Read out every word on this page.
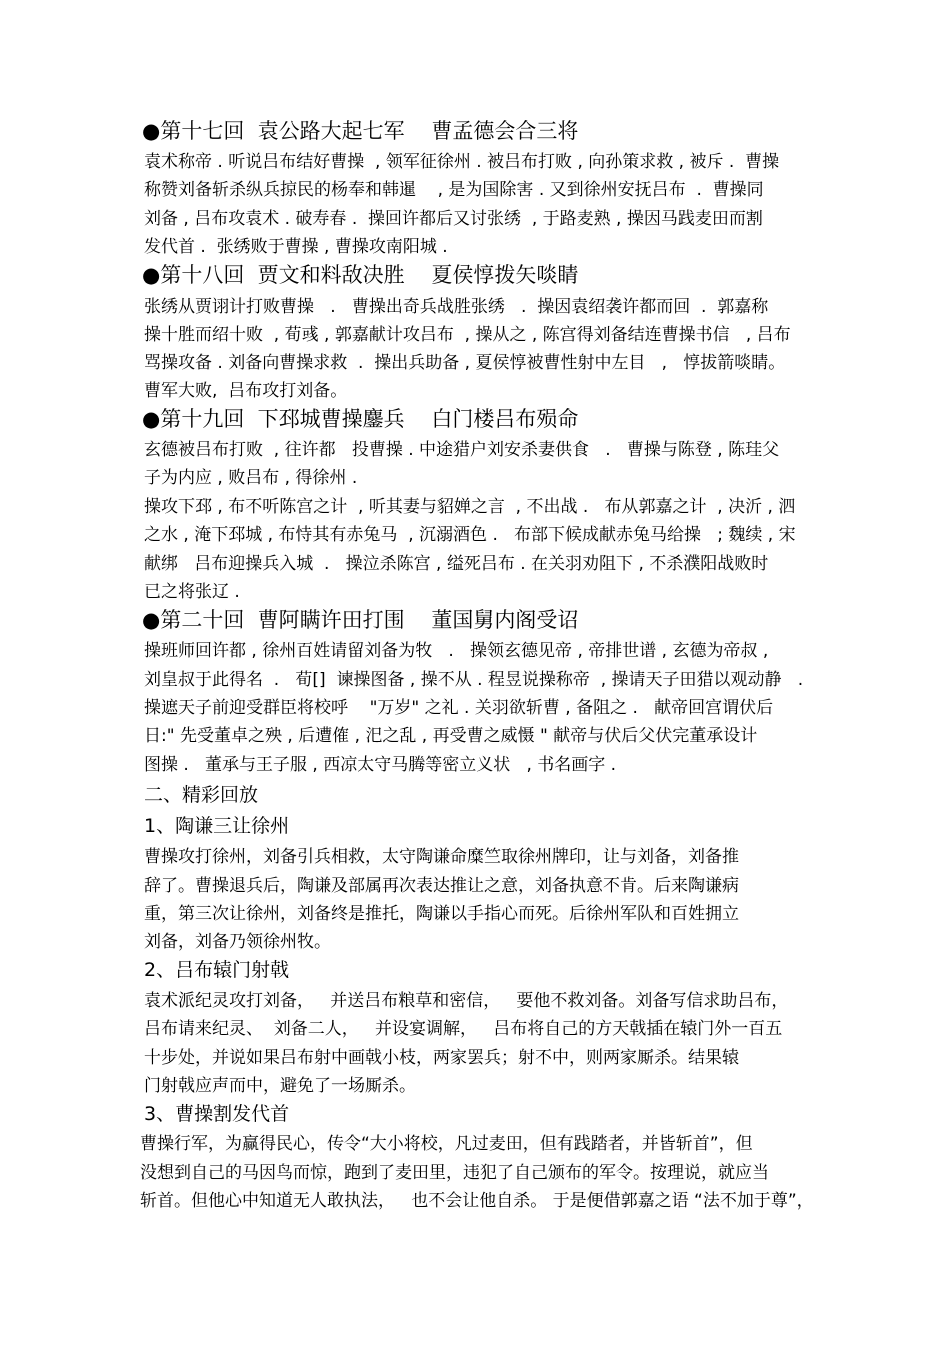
●第十七回  袁公路大起七军    曹孟德会合三将
袁术称帝 . 听说吕布结好曹操  , 领军征徐州 . 被吕布打败 , 向孙策求救 , 被斥 .  曹操
称赞刘备斩杀纵兵掠民的杨奉和韩暹    , 是为国除害 . 又到徐州安抚吕布  .  曹操同
刘备 , 吕布攻袁术 . 破寿春 .  操回许都后又讨张绣  , 于路麦熟 , 操因马践麦田而割
发代首 .  张绣败于曹操 , 曹操攻南阳城 .
●第十八回  贾文和料敌决胜    夏侯惇拨矢啖睛
张绣从贾诩计打败曹操   .   曹操出奇兵战胜张绣   .  操因袁绍袭许都而回  .  郭嘉称
操十胜而绍十败  , 荀彧 , 郭嘉献计攻吕布  , 操从之 , 陈宫得刘备结连曹操书信   , 吕布
骂操攻备 . 刘备向曹操求救  .  操出兵助备 , 夏侯惇被曹性射中左目   ,   惇拔箭啖睛。
曹军大败,  吕布攻打刘备。
●第十九回  下邳城曹操鏖兵    白门楼吕布殒命
玄德被吕布打败  , 往许都   投曹操 . 中途猎户刘安杀妻供食   .   曹操与陈登 , 陈珪父
子为内应 , 败吕布 , 得徐州 .
操攻下邳 , 布不听陈宫之计  , 听其妻与貂婵之言  , 不出战 .   布从郭嘉之计  , 决沂 , 泗
之水 , 淹下邳城 , 布恃其有赤兔马  , 沉溺酒色 .   布部下候成献赤兔马给操   ; 魏续 , 宋
献绑   吕布迎操兵入城  .   操泣杀陈宫 , 缢死吕布 . 在关羽劝阻下 , 不杀濮阳战败时
已之将张辽 .
●第二十回  曹阿瞒许田打围    董国舅内阁受诏
操班师回许都 , 徐州百姓请留刘备为牧   .   操领玄德见帝 , 帝排世谱 , 玄德为帝叔 ,
刘皇叔于此得名  .   荀[]  谏操图备 , 操不从 . 程昱说操称帝  , 操请天子田猎以观动静   .
操遮天子前迎受群臣将校呼    "万岁" 之礼 . 关羽欲斩曹 , 备阻之 .   献帝回宫谓伏后
日:" 先受董卓之殃 , 后遭傕 , 汜之乱 , 再受曹之威慑 " 献帝与伏后父伏完董承设计
图操 .   董承与王子服 , 西凉太守马腾等密立义状   , 书名画字 .
二、精彩回放
1、陶谦三让徐州
曹操攻打徐州，刘备引兵相救，太守陶谦命糜竺取徐州牌印，让与刘备，刘备推
辞了。曹操退兵后，陶谦及部属再次表达推让之意，刘备执意不肯。后来陶谦病
重，第三次让徐州，刘备终是推托，陶谦以手指心而死。后徐州军队和百姓拥立
刘备，刘备乃领徐州牧。
2、吕布辕门射戟
袁术派纪灵攻打刘备，   并送吕布粮草和密信，   要他不救刘备。刘备写信求助吕布，
吕布请来纪灵、  刘备二人，   并设宴调解，   吕布将自己的方天戟插在辕门外一百五
十步处，并说如果吕布射中画戟小枝，两家罢兵；射不中，则两家厮杀。结果辕
门射戟应声而中，避免了一场厮杀。
3、曹操割发代首
曹操行军，为赢得民心，传令“大小将校，凡过麦田，但有践踏者，并皆斩首”，但
没想到自己的马因鸟而惊，跑到了麦田里，违犯了自己颁布的军令。按理说，就应当
斩首。但他心中知道无人敢执法，   也不会让他自杀。 于是便借郭嘉之语 “法不加于尊”，
